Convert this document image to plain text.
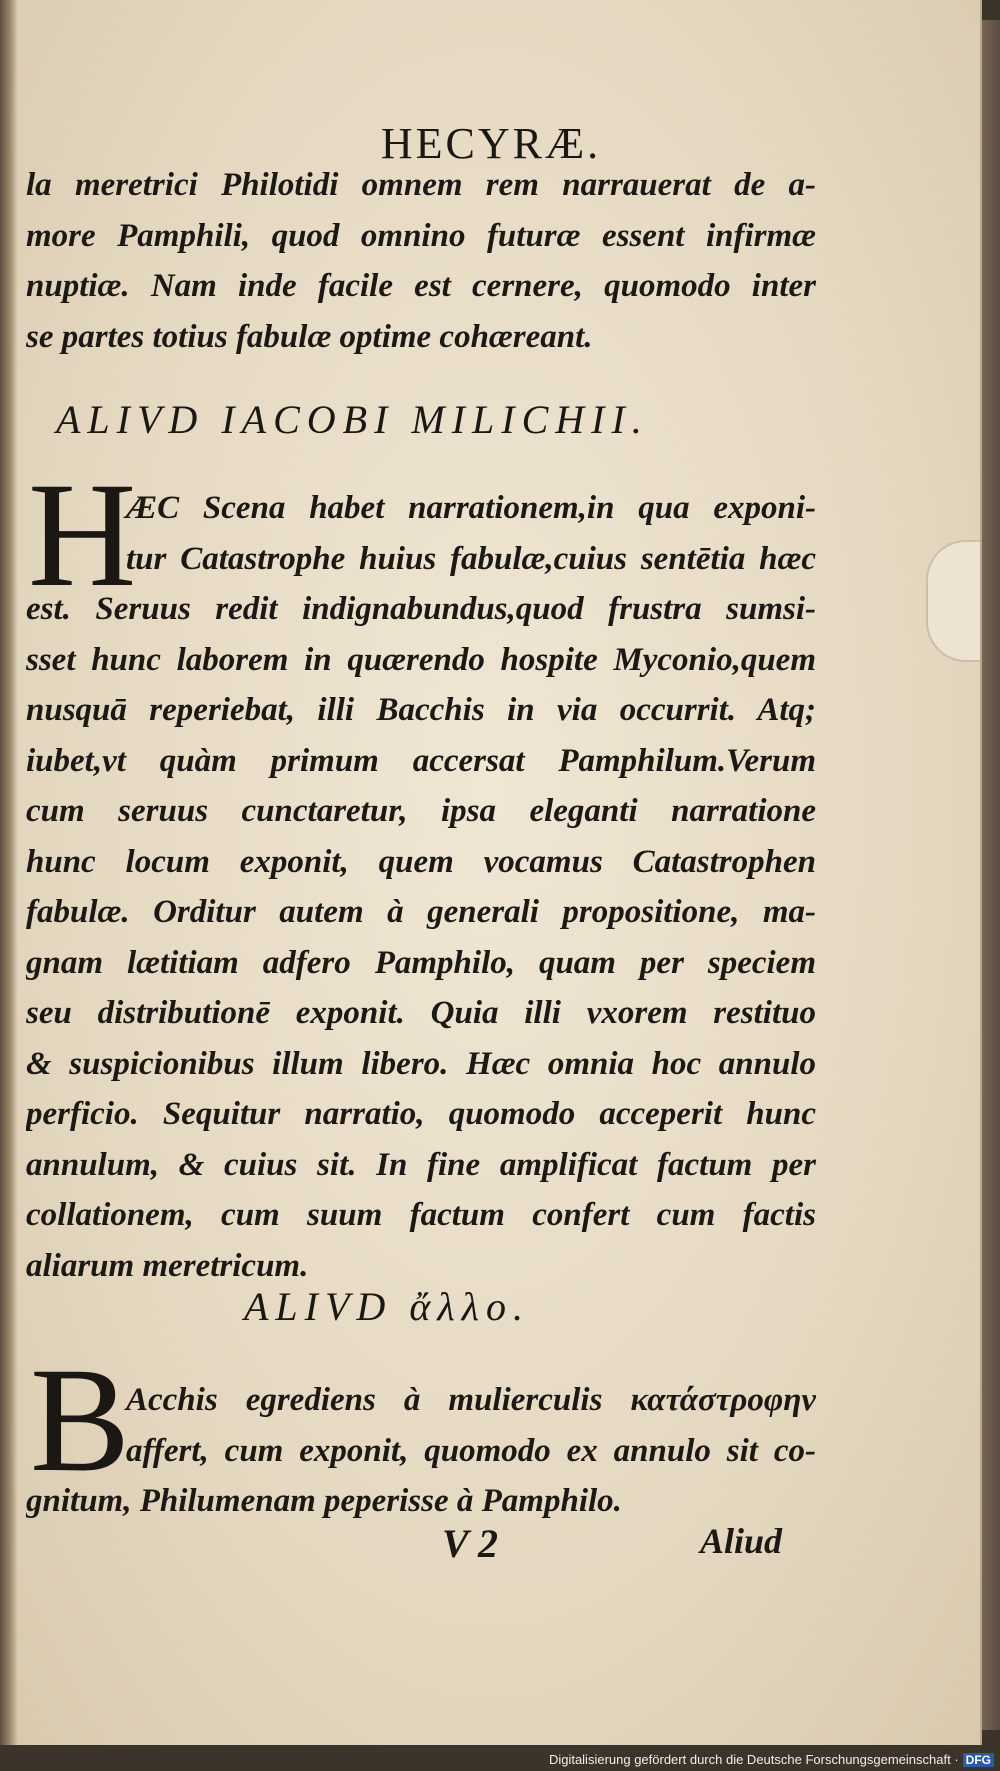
HECYRÆ.
la meretrici Philotidi omnem rem narrauerat de a-
more Pamphili, quod omnino futuræ essent infirmæ
nuptiæ. Nam inde facile est cernere, quomodo inter
se partes totius fabulæ optime cohæreant.
ALIVD IACOBI MILICHII.
H
ÆC Scena habet narrationem,in qua exponi-
tur Catastrophe huius fabulæ,cuius sentētia hæc
est. Seruus redit indignabundus,quod frustra sumsi-
sset hunc laborem in quærendo hospite Myconio,quem
nusquā reperiebat, illi Bacchis in via occurrit. Atq;
iubet,vt quàm primum accersat Pamphilum.Verum
cum seruus cunctaretur, ipsa eleganti narratione
hunc locum exponit, quem vocamus Catastrophen
fabulæ. Orditur autem à generali propositione, ma-
gnam lætitiam adfero Pamphilo, quam per speciem
seu distributionē exponit. Quia illi vxorem restituo
& suspicionibus illum libero. Hæc omnia hoc annulo
perficio. Sequitur narratio, quomodo acceperit hunc
annulum, & cuius sit. In fine amplificat factum per
collationem, cum suum factum confert cum factis
aliarum meretricum.
ALIVD ἄλλο.
B
Acchis egrediens à mulierculis κατάστροφην
affert, cum exponit, quomodo ex annulo sit co-
gnitum, Philumenam peperisse à Pamphilo.
V 2	Aliud
Digitalisierung gefördert durch die Deutsche Forschungsgemeinschaft · DFG
